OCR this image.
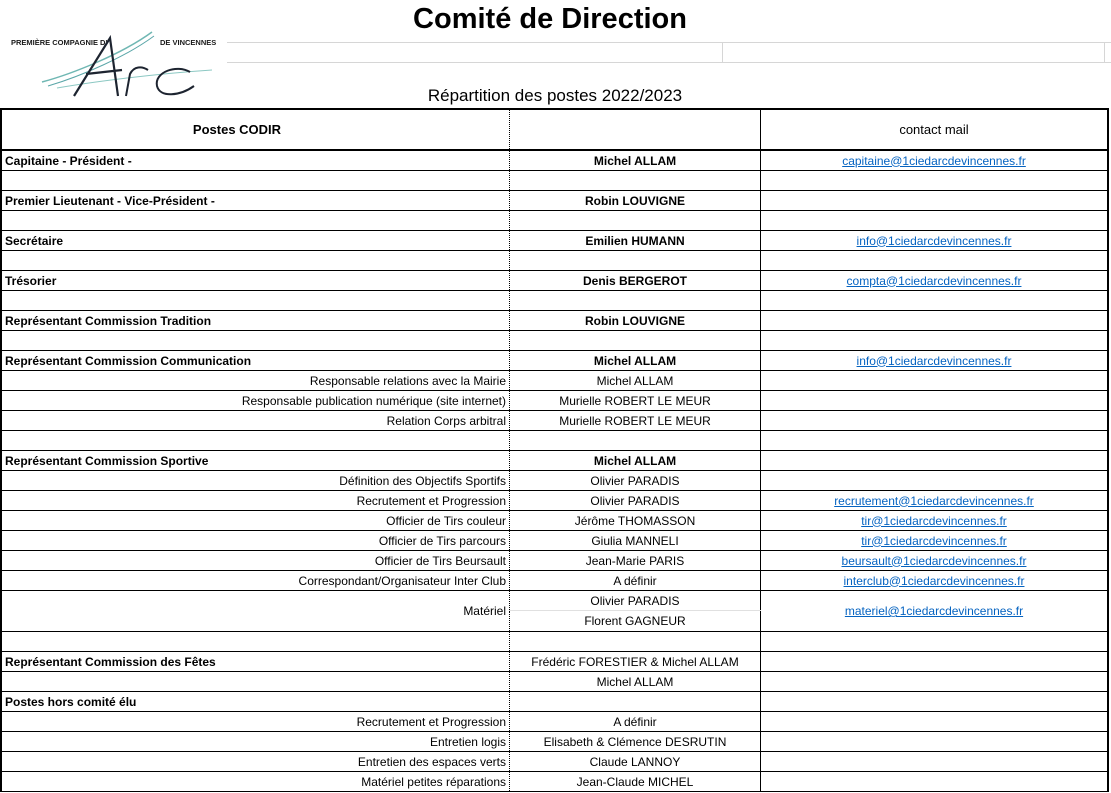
PREMIÈRE COMPAGNIE D'	DE VINCENNES
Comité de Direction
Répartition des postes 2022/2023
Postes CODIR		contact mail
Capitaine - Président -	Michel ALLAM	capitaine@1ciedarcdevincennes.fr

Premier Lieutenant - Vice-Président -	Robin LOUVIGNE	

Secrétaire	Emilien HUMANN	info@1ciedarcdevincennes.fr

Trésorier	Denis BERGEROT	compta@1ciedarcdevincennes.fr

Représentant Commission Tradition	Robin LOUVIGNE	

Représentant Commission Communication	Michel ALLAM	info@1ciedarcdevincennes.fr
Responsable relations avec la Mairie	Michel ALLAM	
Responsable publication numérique (site internet)	Murielle ROBERT LE MEUR	
Relation Corps arbitral	Murielle ROBERT LE MEUR	

Représentant Commission Sportive	Michel ALLAM	
Définition des Objectifs Sportifs	Olivier PARADIS	
Recrutement et Progression	Olivier PARADIS	recrutement@1ciedarcdevincennes.fr
Officier de Tirs couleur	Jérôme THOMASSON	tir@1ciedarcdevincennes.fr
Officier de Tirs parcours	Giulia MANNELI	tir@1ciedarcdevincennes.fr
Officier de Tirs Beursault	Jean-Marie PARIS	beursault@1ciedarcdevincennes.fr
Correspondant/Organisateur Inter Club	A définir	interclub@1ciedarcdevincennes.fr
Matériel	Olivier PARADIS	materiel@1ciedarcdevincennes.fr
	Florent GAGNEUR	

Représentant Commission des Fêtes	Frédéric FORESTIER & Michel ALLAM	
	Michel ALLAM	
Postes hors comité élu		
Recrutement et Progression	A définir	
Entretien logis	Elisabeth & Clémence DESRUTIN	
Entretien des espaces verts	Claude LANNOY	
Matériel petites réparations	Jean-Claude MICHEL	
